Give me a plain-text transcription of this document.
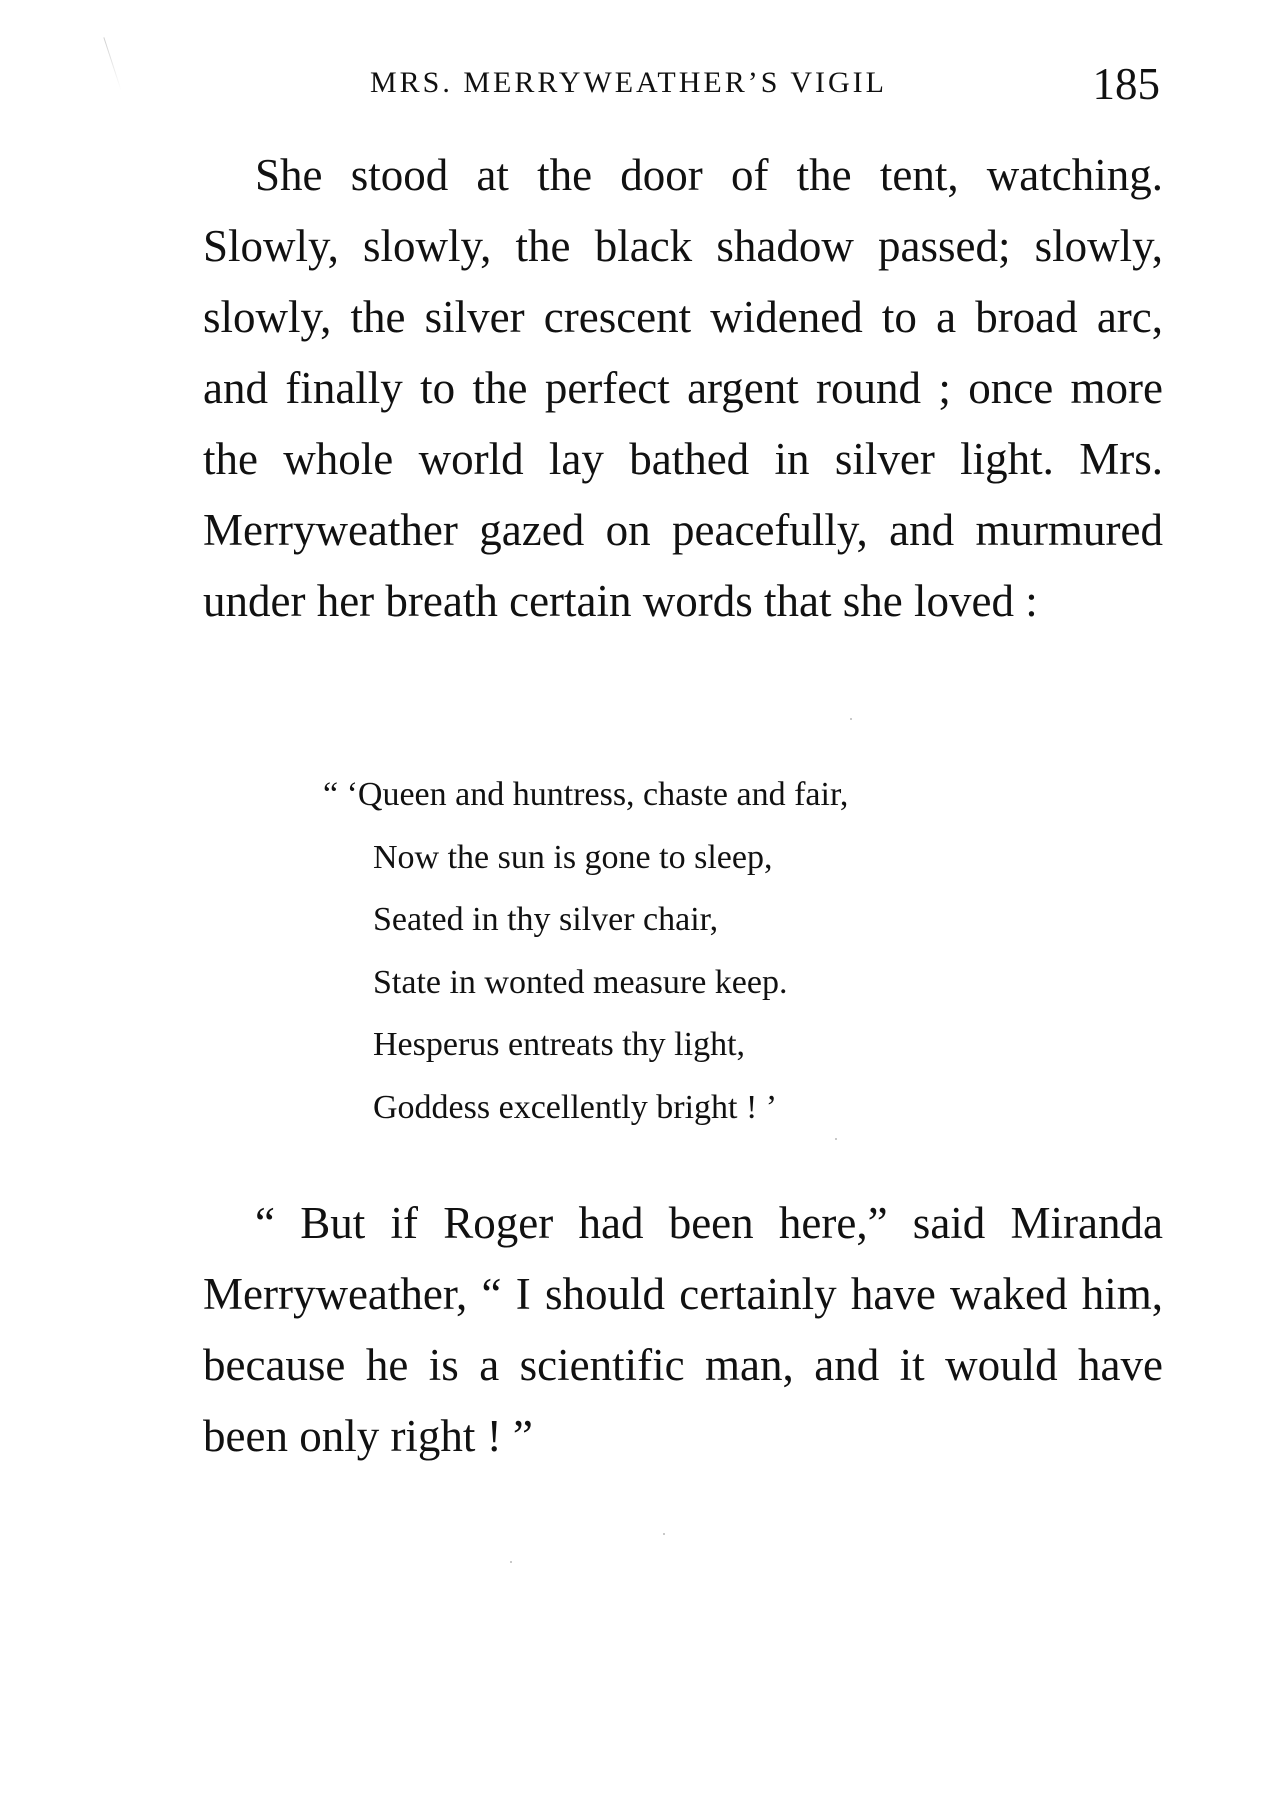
MRS. MERRYWEATHER’S VIGIL	185

She stood at the door of the tent, watching. Slowly, slowly, the black shadow passed; slowly, slowly, the silver crescent widened to a broad arc, and finally to the perfect argent round ; once more the whole world lay bathed in silver light. Mrs. Merryweather gazed on peacefully, and murmured under her breath certain words that she loved :

“ ‘Queen and huntress, chaste and fair,
Now the sun is gone to sleep,
Seated in thy silver chair,
State in wonted measure keep.
Hesperus entreats thy light,
Goddess excellently bright ! ’

“ But if Roger had been here,” said Miranda Merryweather, “ I should certainly have waked him, because he is a scientific man, and it would have been only right ! ”
